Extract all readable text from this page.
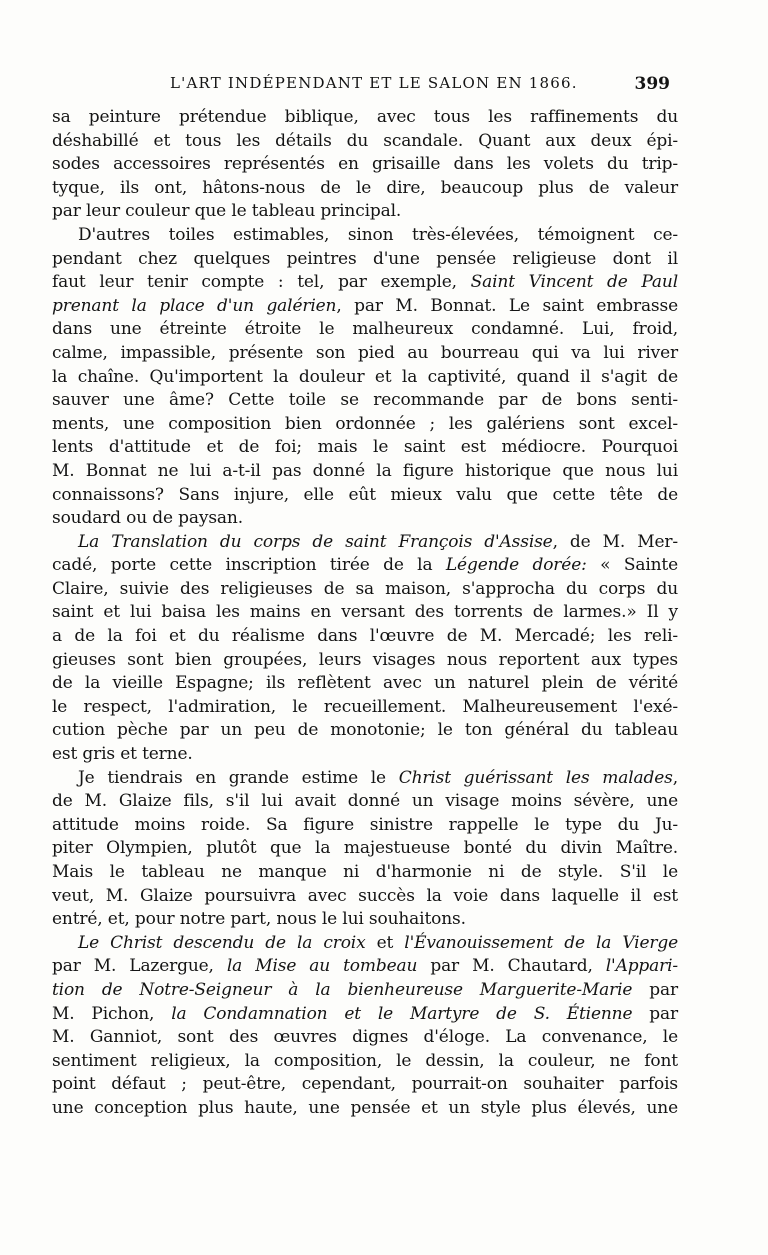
L'ART INDÉPENDANT ET LE SALON EN 1866.	399
sa peinture prétendue biblique, avec tous les raffinements du
déshabillé et tous les détails du scandale. Quant aux deux épi-
sodes accessoires représentés en grisaille dans les volets du trip-
tyque, ils ont, hâtons-nous de le dire, beaucoup plus de valeur
par leur couleur que le tableau principal.
D'autres toiles estimables, sinon très-élevées, témoignent ce-
pendant chez quelques peintres d'une pensée religieuse dont il
faut leur tenir compte : tel, par exemple, Saint Vincent de Paul
prenant la place d'un galérien, par M. Bonnat. Le saint embrasse
dans une étreinte étroite le malheureux condamné. Lui, froid,
calme, impassible, présente son pied au bourreau qui va lui river
la chaîne. Qu'importent la douleur et la captivité, quand il s'agit de
sauver une âme? Cette toile se recommande par de bons senti-
ments, une composition bien ordonnée ; les galériens sont excel-
lents d'attitude et de foi; mais le saint est médiocre. Pourquoi
M. Bonnat ne lui a-t-il pas donné la figure historique que nous lui
connaissons? Sans injure, elle eût mieux valu que cette tête de
soudard ou de paysan.
La Translation du corps de saint François d'Assise, de M. Mer-
cadé, porte cette inscription tirée de la Légende dorée: « Sainte
Claire, suivie des religieuses de sa maison, s'approcha du corps du
saint et lui baisa les mains en versant des torrents de larmes.» Il y
a de la foi et du réalisme dans l'œuvre de M. Mercadé; les reli-
gieuses sont bien groupées, leurs visages nous reportent aux types
de la vieille Espagne; ils reflètent avec un naturel plein de vérité
le respect, l'admiration, le recueillement. Malheureusement l'exé-
cution pèche par un peu de monotonie; le ton général du tableau
est gris et terne.
Je tiendrais en grande estime le Christ guérissant les malades,
de M. Glaize fils, s'il lui avait donné un visage moins sévère, une
attitude moins roide. Sa figure sinistre rappelle le type du Ju-
piter Olympien, plutôt que la majestueuse bonté du divin Maître.
Mais le tableau ne manque ni d'harmonie ni de style. S'il le
veut, M. Glaize poursuivra avec succès la voie dans laquelle il est
entré, et, pour notre part, nous le lui souhaitons.
Le Christ descendu de la croix et l'Évanouissement de la Vierge
par M. Lazergue, la Mise au tombeau par M. Chautard, l'Appari-
tion de Notre-Seigneur à la bienheureuse Marguerite-Marie par
M. Pichon, la Condamnation et le Martyre de S. Étienne par
M. Ganniot, sont des œuvres dignes d'éloge. La convenance, le
sentiment religieux, la composition, le dessin, la couleur, ne font
point défaut ; peut-être, cependant, pourrait-on souhaiter parfois
une conception plus haute, une pensée et un style plus élevés, une
